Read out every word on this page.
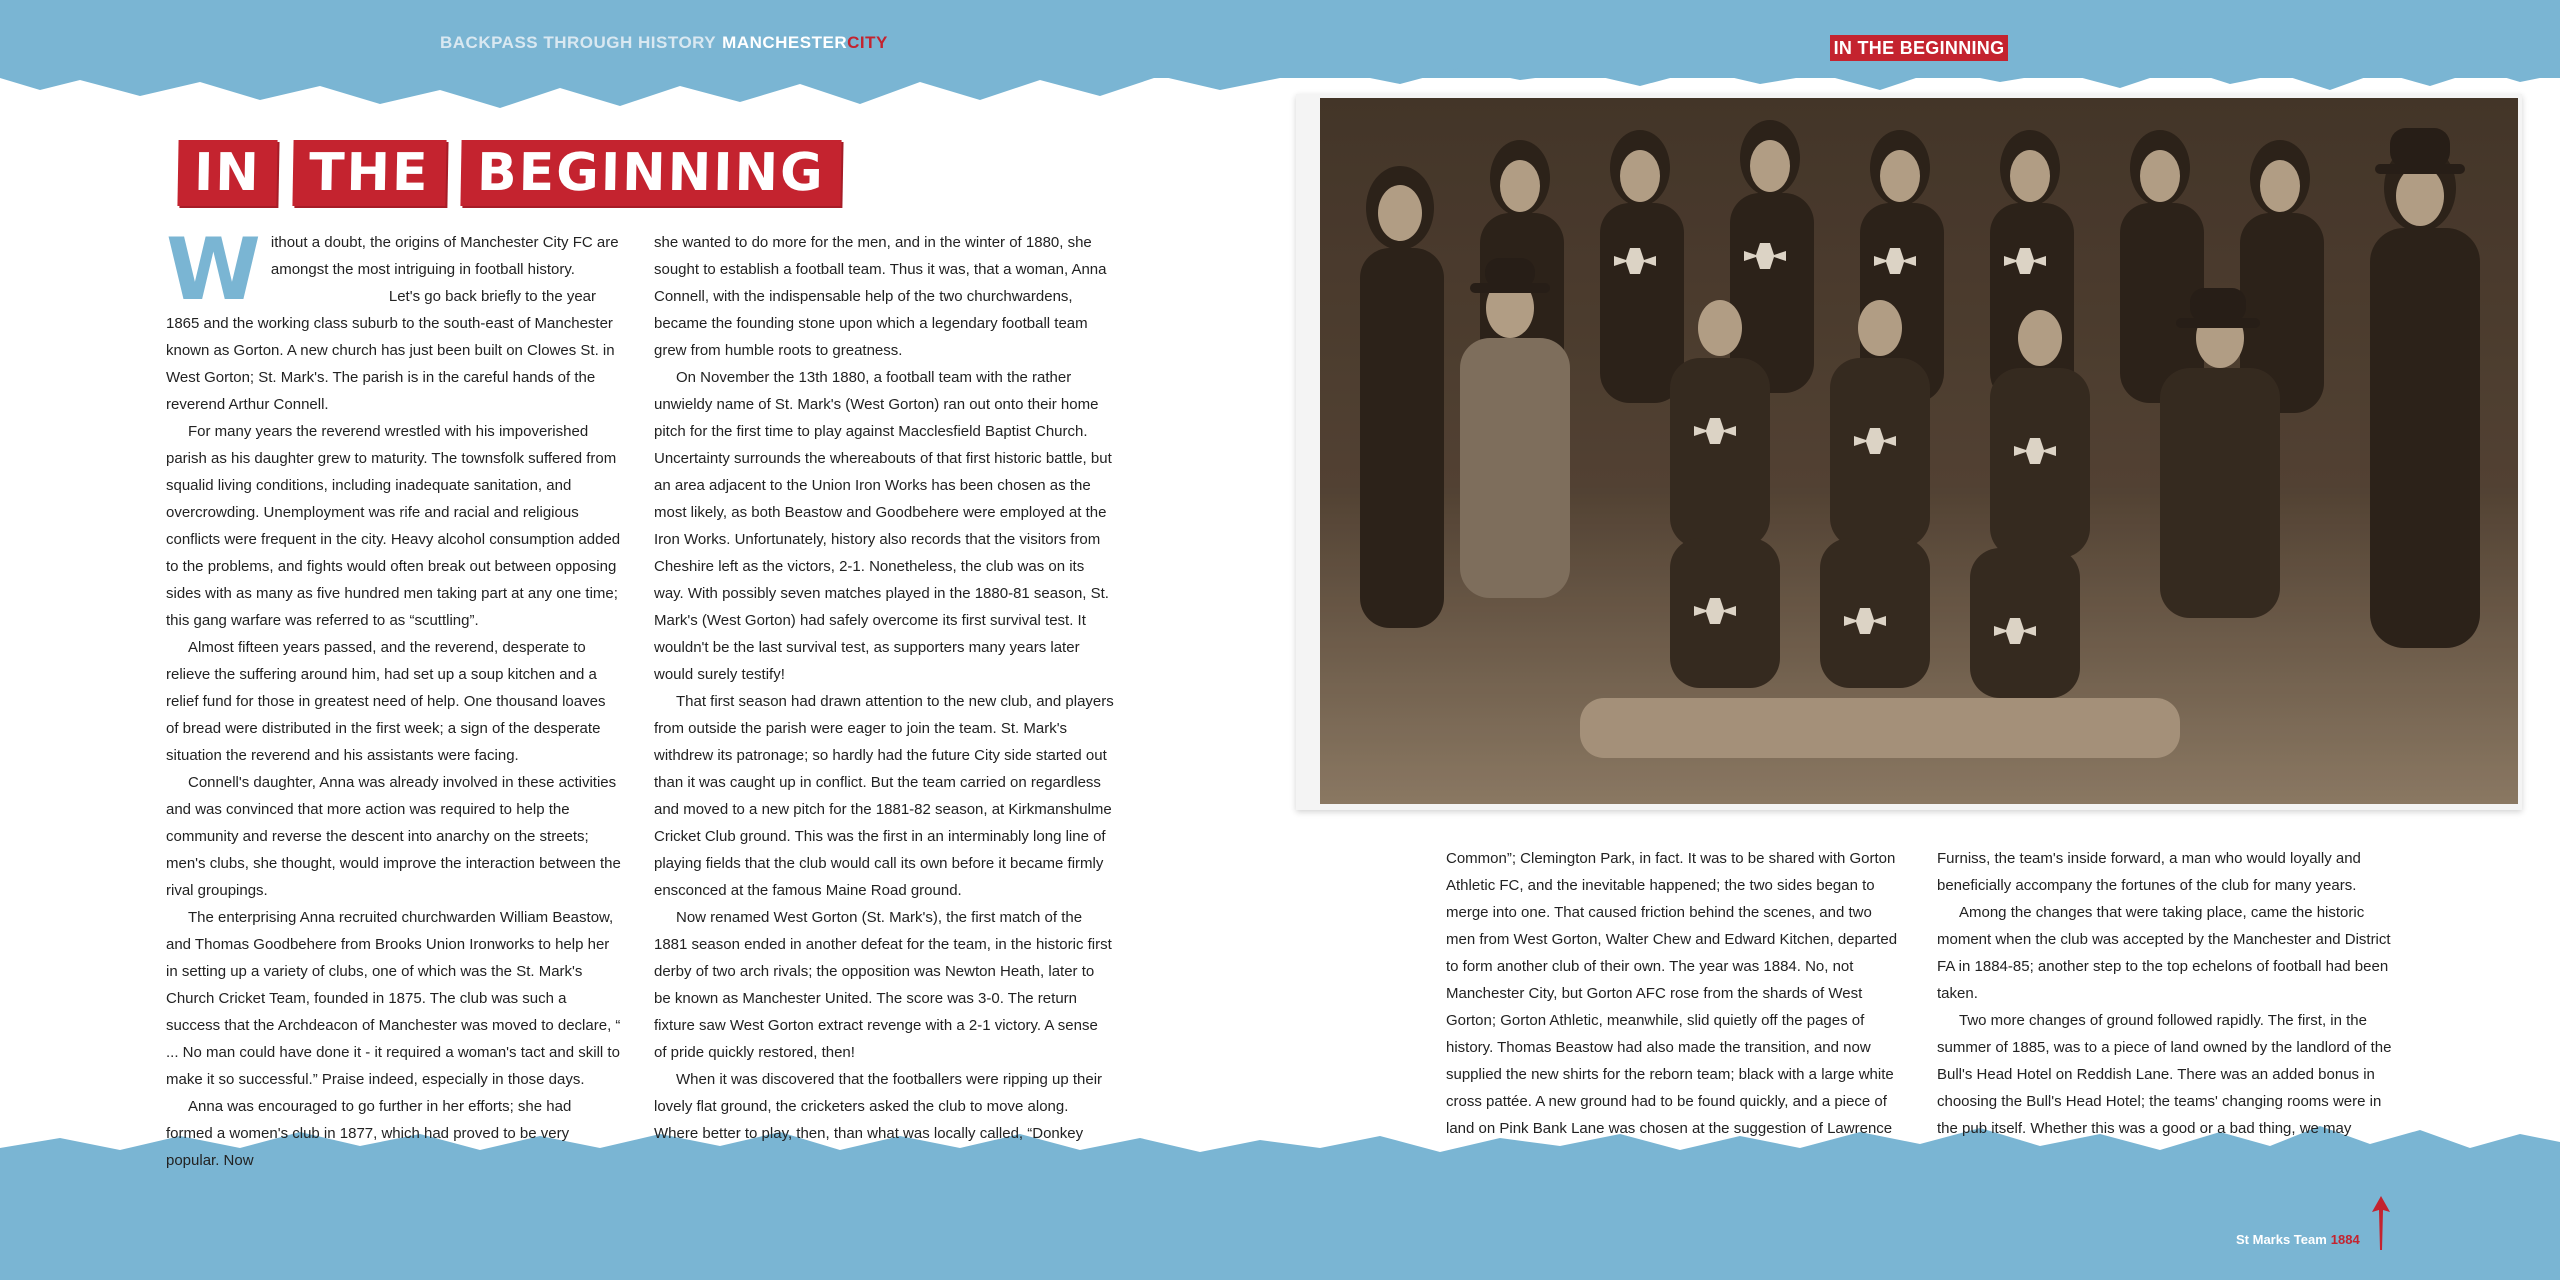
BACKPASS THROUGH HISTORY MANCHESTERCITY	IN THE BEGINNING
IN THE BEGINNING

Without a doubt, the origins of Manchester City FC are amongst the most intriguing in football history.

Let's go back briefly to the year 1865 and the working class suburb to the south-east of Manchester known as Gorton. A new church has just been built on Clowes St. in West Gorton; St. Mark's. The parish is in the careful hands of the reverend Arthur Connell.

For many years the reverend wrestled with his impoverished parish as his daughter grew to maturity. The townsfolk suffered from squalid living conditions, including inadequate sanitation, and overcrowding. Unemployment was rife and racial and religious conflicts were frequent in the city. Heavy alcohol consumption added to the problems, and fights would often break out between opposing sides with as many as five hundred men taking part at any one time; this gang warfare was referred to as “scuttling”.

Almost fifteen years passed, and the reverend, desperate to relieve the suffering around him, had set up a soup kitchen and a relief fund for those in greatest need of help. One thousand loaves of bread were distributed in the first week; a sign of the desperate situation the reverend and his assistants were facing.

Connell's daughter, Anna was already involved in these activities and was convinced that more action was required to help the community and reverse the descent into anarchy on the streets; men's clubs, she thought, would improve the interaction between the rival groupings.

The enterprising Anna recruited churchwarden William Beastow, and Thomas Goodbehere from Brooks Union Ironworks to help her in setting up a variety of clubs, one of which was the St. Mark's Church Cricket Team, founded in 1875. The club was such a success that the Archdeacon of Manchester was moved to declare, “ ... No man could have done it - it required a woman's tact and skill to make it so successful.” Praise indeed, especially in those days.

Anna was encouraged to go further in her efforts; she had formed a women's club in 1877, which had proved to be very popular. Now

she wanted to do more for the men, and in the winter of 1880, she sought to establish a football team. Thus it was, that a woman, Anna Connell, with the indispensable help of the two churchwardens, became the founding stone upon which a legendary football team grew from humble roots to greatness.

On November the 13th 1880, a football team with the rather unwieldy name of St. Mark's (West Gorton) ran out onto their home pitch for the first time to play against Macclesfield Baptist Church. Uncertainty surrounds the whereabouts of that first historic battle, but an area adjacent to the Union Iron Works has been chosen as the most likely, as both Beastow and Goodbehere were employed at the Iron Works. Unfortunately, history also records that the visitors from Cheshire left as the victors, 2-1. Nonetheless, the club was on its way. With possibly seven matches played in the 1880-81 season, St. Mark's (West Gorton) had safely overcome its first survival test. It wouldn't be the last survival test, as supporters many years later would surely testify!

That first season had drawn attention to the new club, and players from outside the parish were eager to join the team. St. Mark's withdrew its patronage; so hardly had the future City side started out than it was caught up in conflict. But the team carried on regardless and moved to a new pitch for the 1881-82 season, at Kirkmanshulme Cricket Club ground. This was the first in an interminably long line of playing fields that the club would call its own before it became firmly ensconced at the famous Maine Road ground.

Now renamed West Gorton (St. Mark's), the first match of the 1881 season ended in another defeat for the team, in the historic first derby of two arch rivals; the opposition was Newton Heath, later to be known as Manchester United. The score was 3-0. The return fixture saw West Gorton extract revenge with a 2-1 victory. A sense of pride quickly restored, then!

When it was discovered that the footballers were ripping up their lovely flat ground, the cricketers asked the club to move along. Where better to play, then, than what was locally called, “Donkey

Common”; Clemington Park, in fact. It was to be shared with Gorton Athletic FC, and the inevitable happened; the two sides began to merge into one. That caused friction behind the scenes, and two men from West Gorton, Walter Chew and Edward Kitchen, departed to form another club of their own. The year was 1884. No, not Manchester City, but Gorton AFC rose from the shards of West Gorton; Gorton Athletic, meanwhile, slid quietly off the pages of history. Thomas Beastow had also made the transition, and now supplied the new shirts for the reborn team; black with a large white cross pattée. A new ground had to be found quickly, and a piece of land on Pink Bank Lane was chosen at the suggestion of Lawrence

Furniss, the team's inside forward, a man who would loyally and beneficially accompany the fortunes of the club for many years.

Among the changes that were taking place, came the historic moment when the club was accepted by the Manchester and District FA in 1884-85; another step to the top echelons of football had been taken.

Two more changes of ground followed rapidly. The first, in the summer of 1885, was to a piece of land owned by the landlord of the Bull's Head Hotel on Reddish Lane. There was an added bonus in choosing the Bull's Head Hotel; the teams' changing rooms were in the pub itself. Whether this was a good or a bad thing, we may

8	9
St Marks Team 1884
